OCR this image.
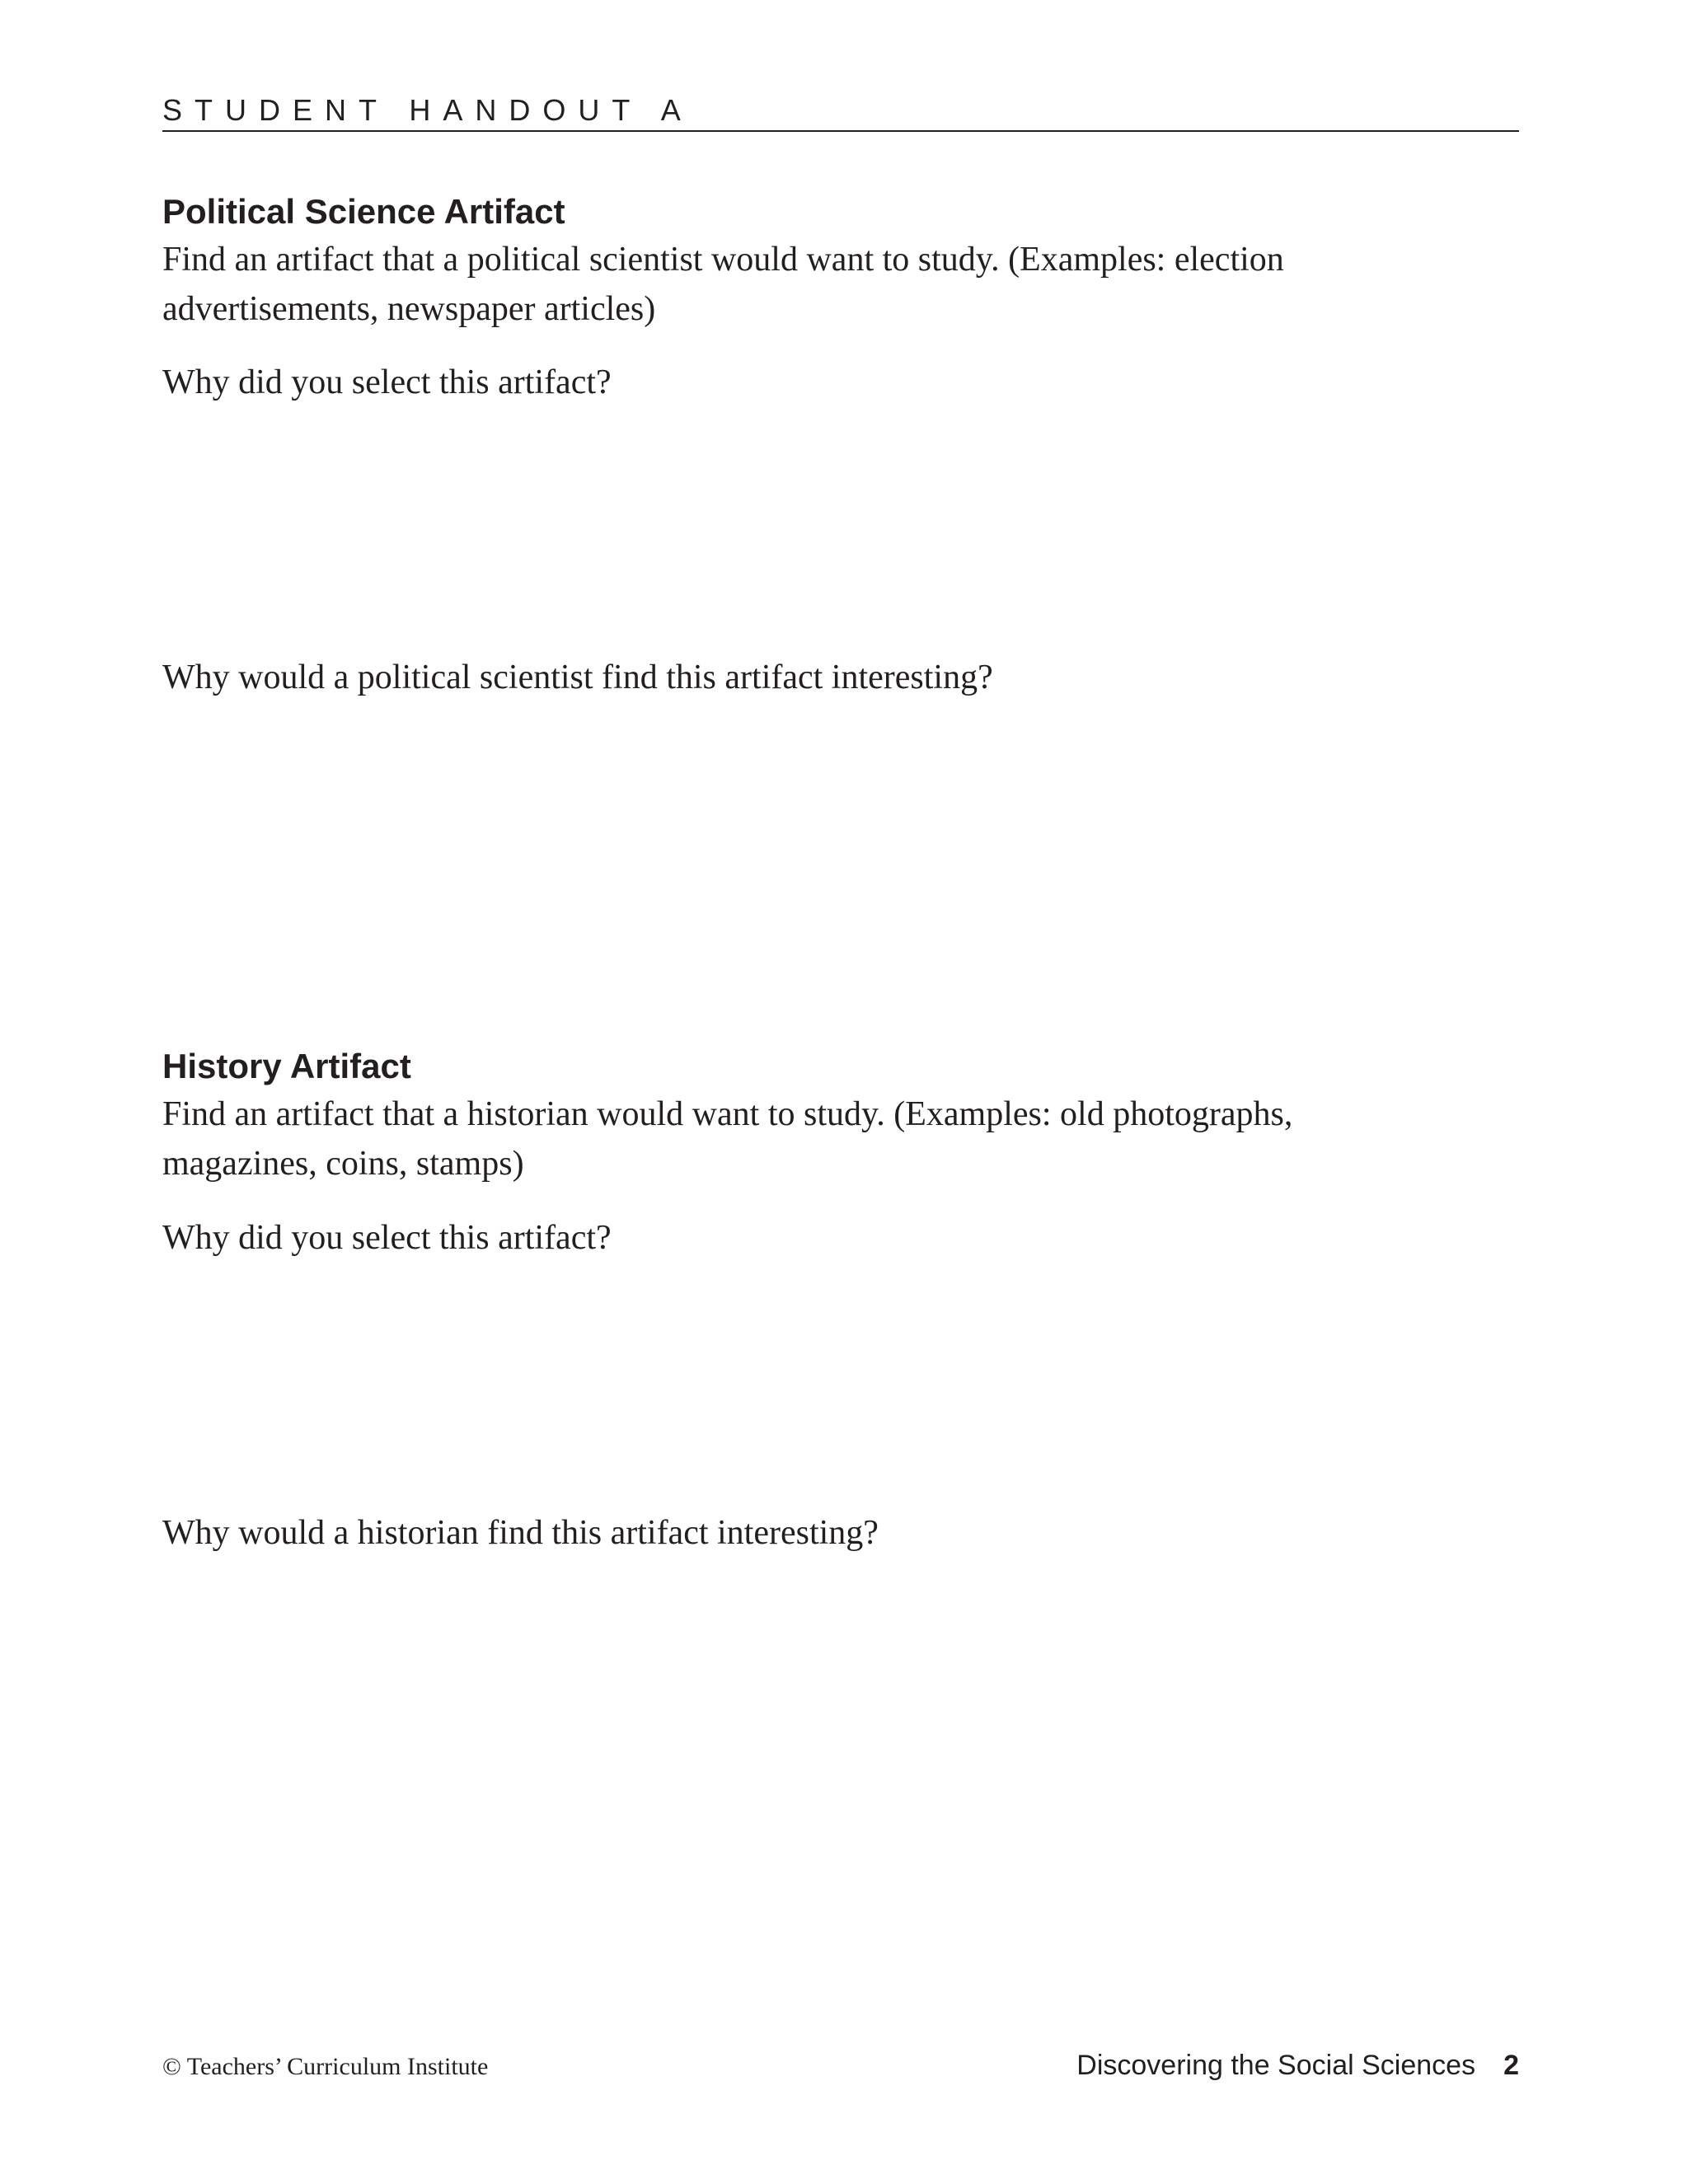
STUDENT HANDOUT A
Political Science Artifact

Find an artifact that a political scientist would want to study. (Examples: election advertisements, newspaper articles)

Why did you select this artifact?

Why would a political scientist find this artifact interesting?

History Artifact

Find an artifact that a historian would want to study. (Examples: old photographs, magazines, coins, stamps)

Why did you select this artifact?

Why would a historian find this artifact interesting?

© Teachers’ Curriculum Institute	Discovering the Social Sciences 2
